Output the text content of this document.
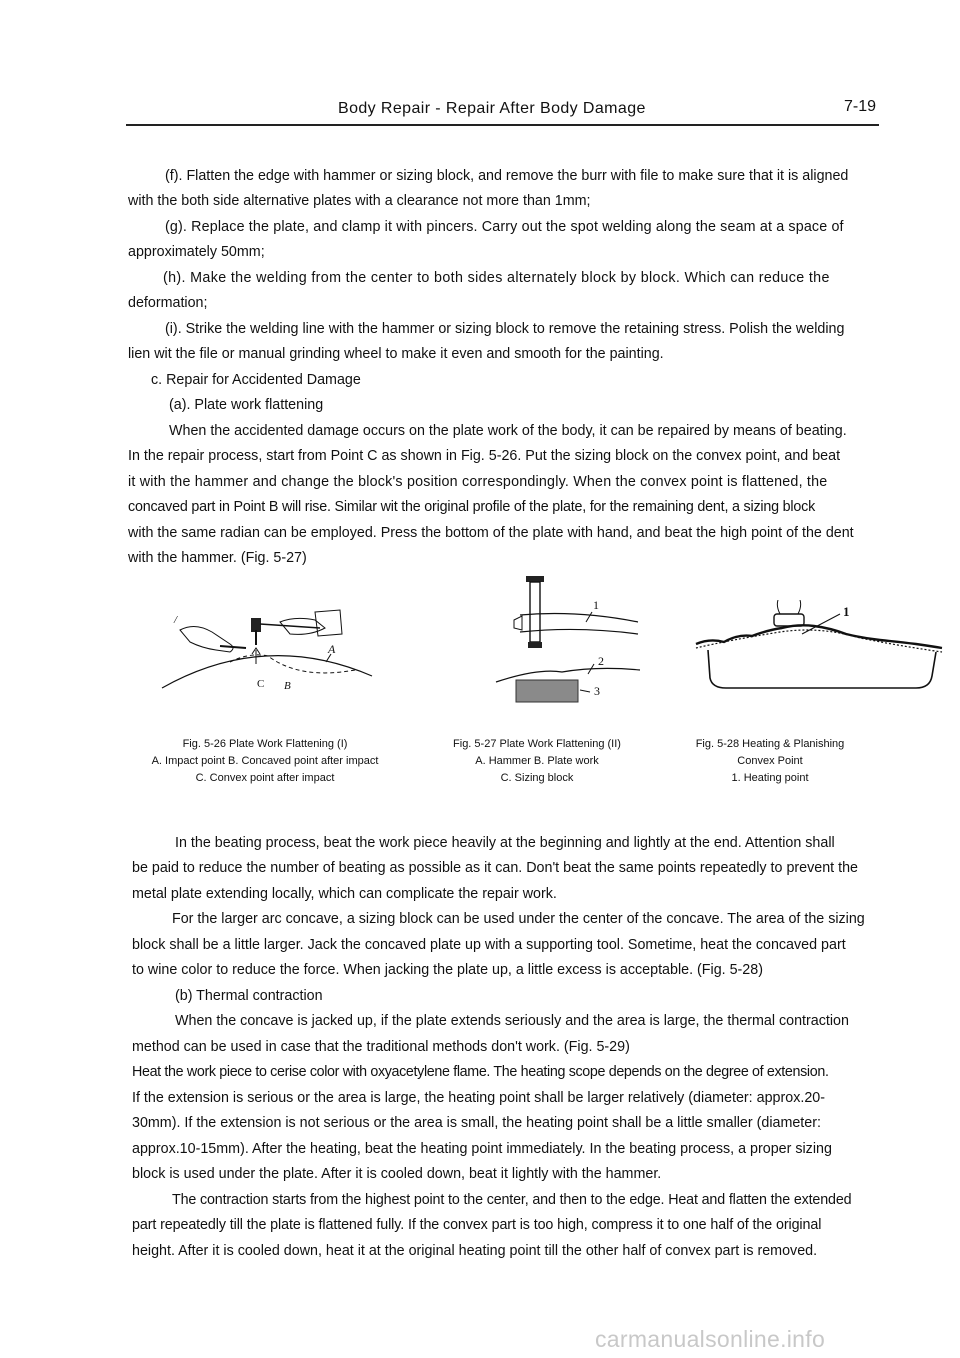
Body Repair - Repair After Body Damage	7-19
(f). Flatten the edge with hammer or sizing block, and remove the burr with file to make sure that it is aligned
with the both side alternative plates with a clearance not more than 1mm;
(g). Replace the plate, and clamp it with pincers. Carry out the spot welding along the seam at a space of
approximately 50mm;
(h). Make the welding from the center to both sides alternately block by block. Which can reduce the
deformation;
(i). Strike the welding line with the hammer or sizing block to remove the retaining stress. Polish the welding
lien wit the file or manual grinding wheel to make it even and smooth for the painting.
c. Repair for Accidented Damage
(a). Plate work flattening
When the accidented damage occurs on the plate work of the body, it can be repaired by means of beating.
In the repair process, start from Point C as shown in Fig. 5-26. Put the sizing block on the convex point, and beat
it with the hammer and change the block's position correspondingly. When the convex point is flattened, the
concaved part in Point B will rise. Similar wit the original profile of the plate, for the remaining dent, a sizing block
with the same radian can be employed. Press the bottom of the plate with hand, and beat the high point of the dent
with the hammer. (Fig. 5-27)
/
A
C B
1
2
3
1
Fig. 5-26 Plate Work Flattening (I)
A. Impact point B. Concaved point after impact
C. Convex point after impact
Fig. 5-27 Plate Work Flattening (II)
A. Hammer B. Plate work
C. Sizing block
Fig. 5-28 Heating & Planishing
Convex Point
1. Heating point
In the beating process, beat the work piece heavily at the beginning and lightly at the end. Attention shall
be paid to reduce the number of beating as possible as it can. Don't beat the same points repeatedly to prevent the
metal plate extending locally, which can complicate the repair work.
For the larger arc concave, a sizing block can be used under the center of the concave. The area of the sizing
block shall be a little larger. Jack the concaved plate up with a supporting tool. Sometime, heat the concaved part
to wine color to reduce the force. When jacking the plate up, a little excess is acceptable. (Fig. 5-28)
(b) Thermal contraction
When the concave is jacked up, if the plate extends seriously and the area is large, the thermal contraction
method can be used in case that the traditional methods don't work. (Fig. 5-29)
Heat the work piece to cerise color with oxyacetylene flame. The heating scope depends on the degree of extension.
If the extension is serious or the area is large, the heating point shall be larger relatively (diameter: approx.20-
30mm). If the extension is not serious or the area is small, the heating point shall be a little smaller (diameter:
approx.10-15mm). After the heating, beat the heating point immediately. In the beating process, a proper sizing
block is used under the plate. After it is cooled down, beat it lightly with the hammer.
The contraction starts from the highest point to the center, and then to the edge. Heat and flatten the extended
part repeatedly till the plate is flattened fully. If the convex part is too high, compress it to one half of the original
height. After it is cooled down, heat it at the original heating point till the other half of convex part is removed.
carmanualsonline.info
